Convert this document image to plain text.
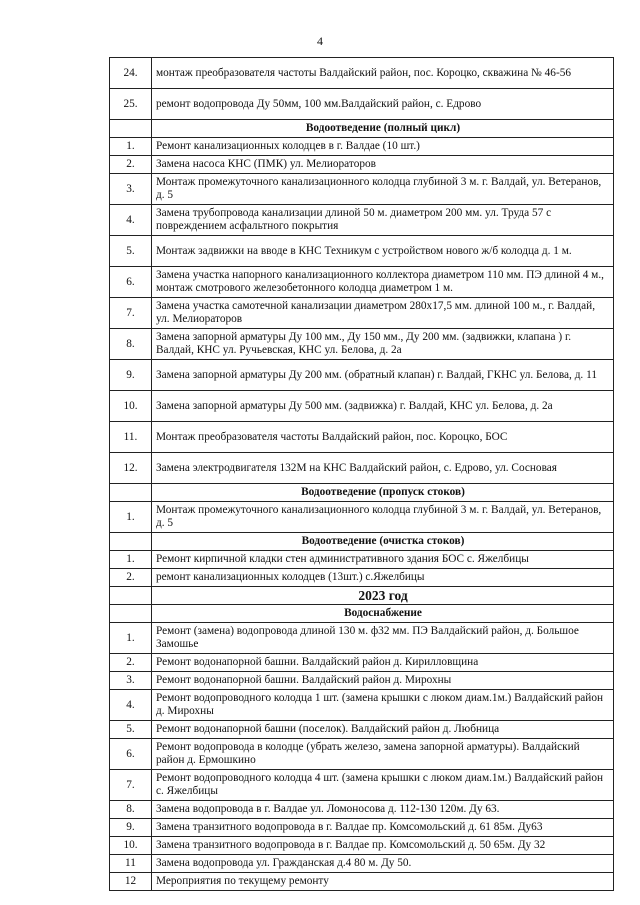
4
24.	монтаж преобразователя частоты Валдайский район, пос. Короцко, скважина № 46-56
25.	ремонт водопровода Ду 50мм, 100 мм.Валдайский район, с. Едрово
	Водоотведение (полный цикл)
1.	Ремонт канализационных колодцев в г. Валдае (10 шт.)
2.	Замена насоса КНС (ПМК) ул. Мелиораторов
3.	Монтаж промежуточного канализационного колодца глубиной 3 м. г. Валдай, ул. Ветеранов, д. 5
4.	Замена трубопровода канализации длиной 50 м. диаметром 200 мм. ул. Труда 57 с повреждением асфальтного покрытия
5.	Монтаж задвижки на вводе в КНС Техникум с устройством нового ж/б колодца д. 1 м.
6.	Замена участка напорного канализационного коллектора диаметром 110 мм. ПЭ длиной 4 м., монтаж смотрового железобетонного колодца диаметром 1 м.
7.	Замена участка самотечной канализации диаметром 280х17,5 мм. длиной 100 м., г. Валдай, ул. Мелиораторов
8.	Замена запорной арматуры Ду 100 мм., Ду 150 мм., Ду 200 мм. (задвижки, клапана ) г. Валдай, КНС ул. Ручьевская, КНС ул. Белова, д. 2а
9.	Замена запорной арматуры Ду 200 мм. (обратный клапан) г. Валдай, ГКНС ул. Белова, д. 11
10.	Замена запорной арматуры Ду 500 мм. (задвижка) г. Валдай, КНС ул. Белова, д. 2а
11.	Монтаж преобразователя частоты Валдайский район, пос. Короцко, БОС
12.	Замена электродвигателя 132М на КНС Валдайский район, с. Едрово, ул. Сосновая
	Водоотведение (пропуск стоков)
1.	Монтаж промежуточного канализационного колодца глубиной 3 м. г. Валдай, ул. Ветеранов, д. 5
	Водоотведение (очистка стоков)
1.	Ремонт кирпичной кладки стен административного здания БОС с. Яжелбицы
2.	ремонт канализационных колодцев (13шт.) с.Яжелбицы
	2023 год
	Водоснабжение
1.	Ремонт (замена) водопровода длиной 130 м. ф32 мм. ПЭ Валдайский район, д. Большое Замошье
2.	Ремонт водонапорной башни. Валдайский район д. Кирилловщина
3.	Ремонт водонапорной башни. Валдайский район д. Мирохны
4.	Ремонт водопроводного колодца 1 шт. (замена крышки с люком диам.1м.) Валдайский район д. Мирохны
5.	Ремонт водонапорной башни (поселок). Валдайский район д. Любница
6.	Ремонт водопровода в колодце (убрать железо, замена запорной арматуры). Валдайский район д. Ермошкино
7.	Ремонт водопроводного колодца 4 шт. (замена крышки с люком диам.1м.) Валдайский район с. Яжелбицы
8.	Замена водопровода в г. Валдае ул. Ломоносова д. 112-130 120м. Ду 63.
9.	Замена транзитного водопровода в г. Валдае пр. Комсомольский д. 61 85м. Ду63
10.	Замена транзитного водопровода в г. Валдае пр. Комсомольский д. 50 65м. Ду 32
11	Замена водопровода ул. Гражданская д.4 80 м. Ду 50.
12	Мероприятия по текущему ремонту
